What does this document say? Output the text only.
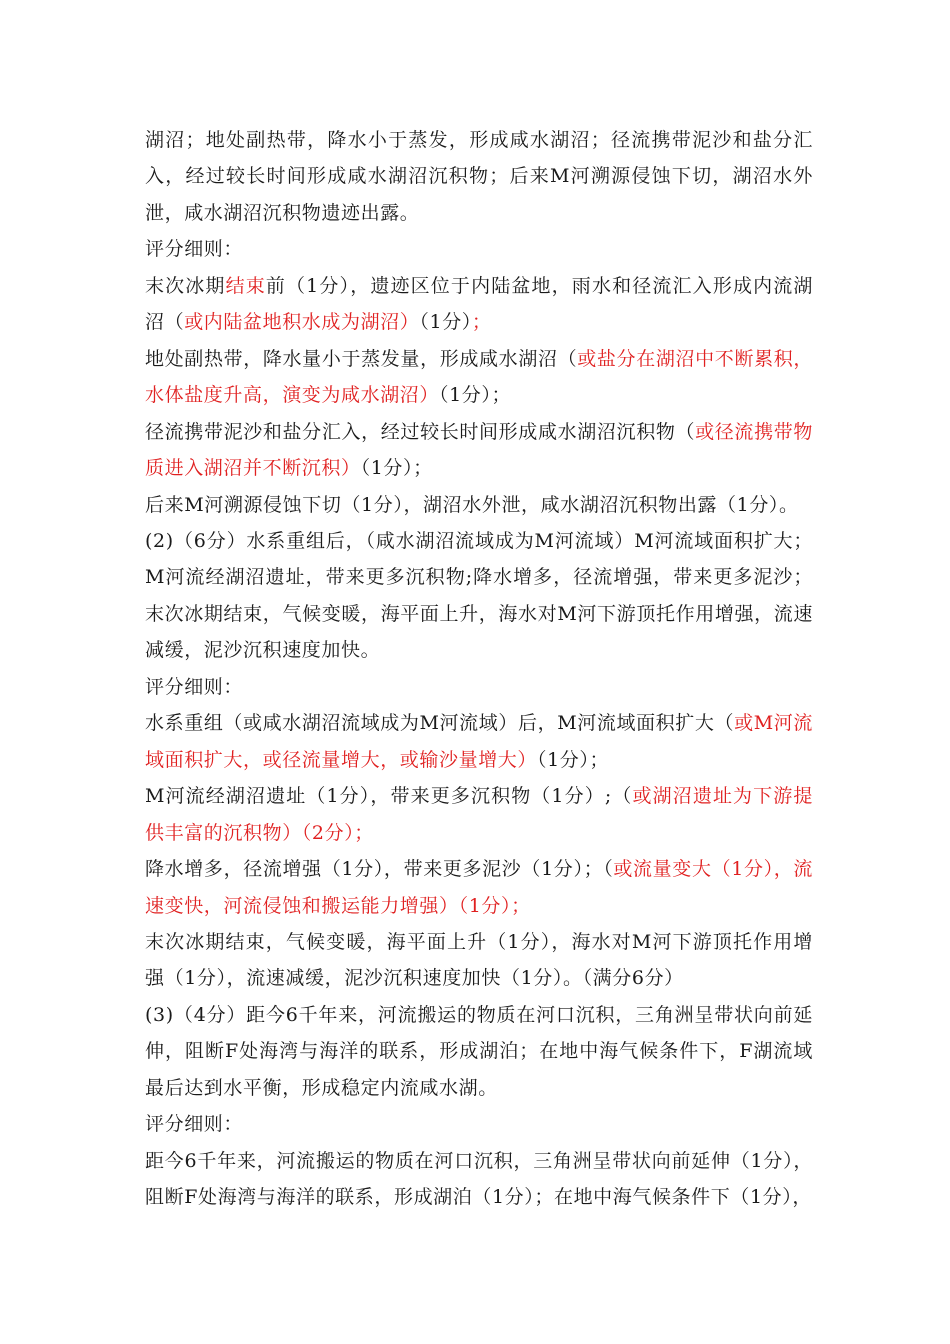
湖沼；地处副热带，降水小于蒸发，形成咸水湖沼；径流携带泥沙和盐分汇入，经过较长时间形成咸水湖沼沉积物；后来M河溯源侵蚀下切，湖沼水外泄，咸水湖沼沉积物遗迹出露。

评分细则：

末次冰期结束前（1分），遗迹区位于内陆盆地，雨水和径流汇入形成内流湖沼（或内陆盆地积水成为湖沼）（1分）；

地处副热带，降水量小于蒸发量，形成咸水湖沼（或盐分在湖沼中不断累积，水体盐度升高，演变为咸水湖沼）（1分）；

径流携带泥沙和盐分汇入，经过较长时间形成咸水湖沼沉积物（或径流携带物质进入湖沼并不断沉积）（1分）；

后来M河溯源侵蚀下切（1分），湖沼水外泄，咸水湖沼沉积物出露（1分）。

(2)（6分）水系重组后，（咸水湖沼流域成为M河流域）M河流域面积扩大；M河流经湖沼遗址，带来更多沉积物;降水增多，径流增强，带来更多泥沙；末次冰期结束，气候变暖，海平面上升，海水对M河下游顶托作用增强，流速减缓，泥沙沉积速度加快。

评分细则：

水系重组（或咸水湖沼流域成为M河流域）后，M河流域面积扩大（或M河流域面积扩大，或径流量增大，或输沙量增大）（1分）；

M河流经湖沼遗址（1分），带来更多沉积物（1分）;（或湖沼遗址为下游提供丰富的沉积物）（2分）；

降水增多，径流增强（1分），带来更多泥沙（1分）；（或流量变大（1分），流速变快，河流侵蚀和搬运能力增强）（1分）；

末次冰期结束，气候变暖，海平面上升（1分），海水对M河下游顶托作用增强（1分），流速减缓，泥沙沉积速度加快（1分）。（满分6分）

(3)（4分）距今6千年来，河流搬运的物质在河口沉积，三角洲呈带状向前延伸，阻断F处海湾与海洋的联系，形成湖泊；在地中海气候条件下，F湖流域最后达到水平衡，形成稳定内流咸水湖。

评分细则：

距今6千年来，河流搬运的物质在河口沉积，三角洲呈带状向前延伸（1分），阻断F处海湾与海洋的联系，形成湖泊（1分）；在地中海气候条件下（1分），
